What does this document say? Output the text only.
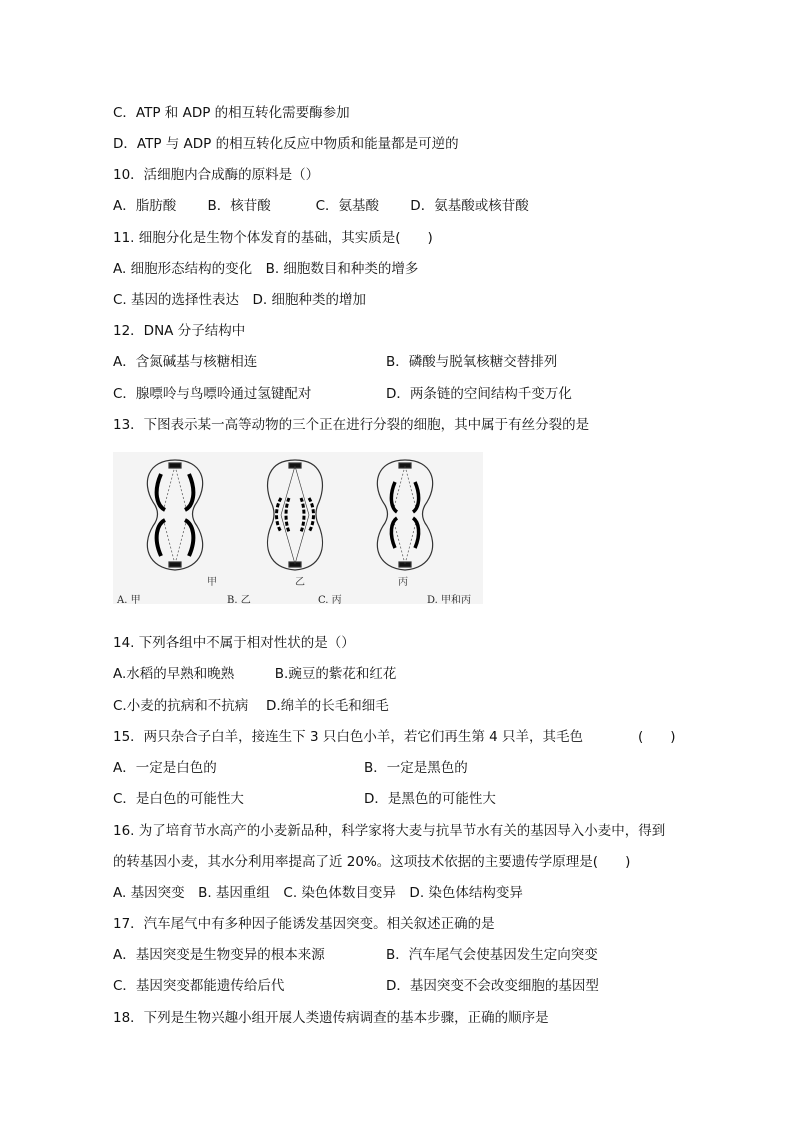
C．ATP 和 ADP 的相互转化需要酶参加
D．ATP 与 ADP 的相互转化反应中物质和能量都是可逆的
10．活细胞内合成酶的原料是（）
A．脂肪酸　　 B．核苷酸　　　 C．氨基酸　　 D．氨基酸或核苷酸
11. 细胞分化是生物个体发育的基础，其实质是(　　)
A. 细胞形态结构的变化　B. 细胞数目和种类的增多
C. 基因的选择性表达　D. 细胞种类的增加
12．DNA 分子结构中
A．含氮碱基与核糖相连	B．磷酸与脱氧核糖交替排列
C．腺嘌呤与鸟嘌呤通过氢键配对	D．两条链的空间结构千变万化
13．下图表示某一高等动物的三个正在进行分裂的细胞，其中属于有丝分裂的是
甲	乙	丙
A. 甲	B. 乙	C. 丙	D. 甲和丙
14. 下列各组中不属于相对性状的是（）
A.水稻的早熟和晚熟　　　B.豌豆的紫花和红花
C.小麦的抗病和不抗病　 D.绵羊的长毛和细毛
15．两只杂合子白羊，接连生下 3 只白色小羊，若它们再生第 4 只羊，其毛色	(　　)
A．一定是白色的	B．一定是黑色的
C．是白色的可能性大	D．是黑色的可能性大
16. 为了培育节水高产的小麦新品种，科学家将大麦与抗旱节水有关的基因导入小麦中，得到
的转基因小麦，其水分利用率提高了近 20%。这项技术依据的主要遗传学原理是(　　)
A. 基因突变　B. 基因重组　C. 染色体数目变异　D. 染色体结构变异
17．汽车尾气中有多种因子能诱发基因突变。相关叙述正确的是
A．基因突变是生物变异的根本来源	B．汽车尾气会使基因发生定向突变
C．基因突变都能遗传给后代	D．基因突变不会改变细胞的基因型
18．下列是生物兴趣小组开展人类遗传病调查的基本步骤，正确的顺序是
